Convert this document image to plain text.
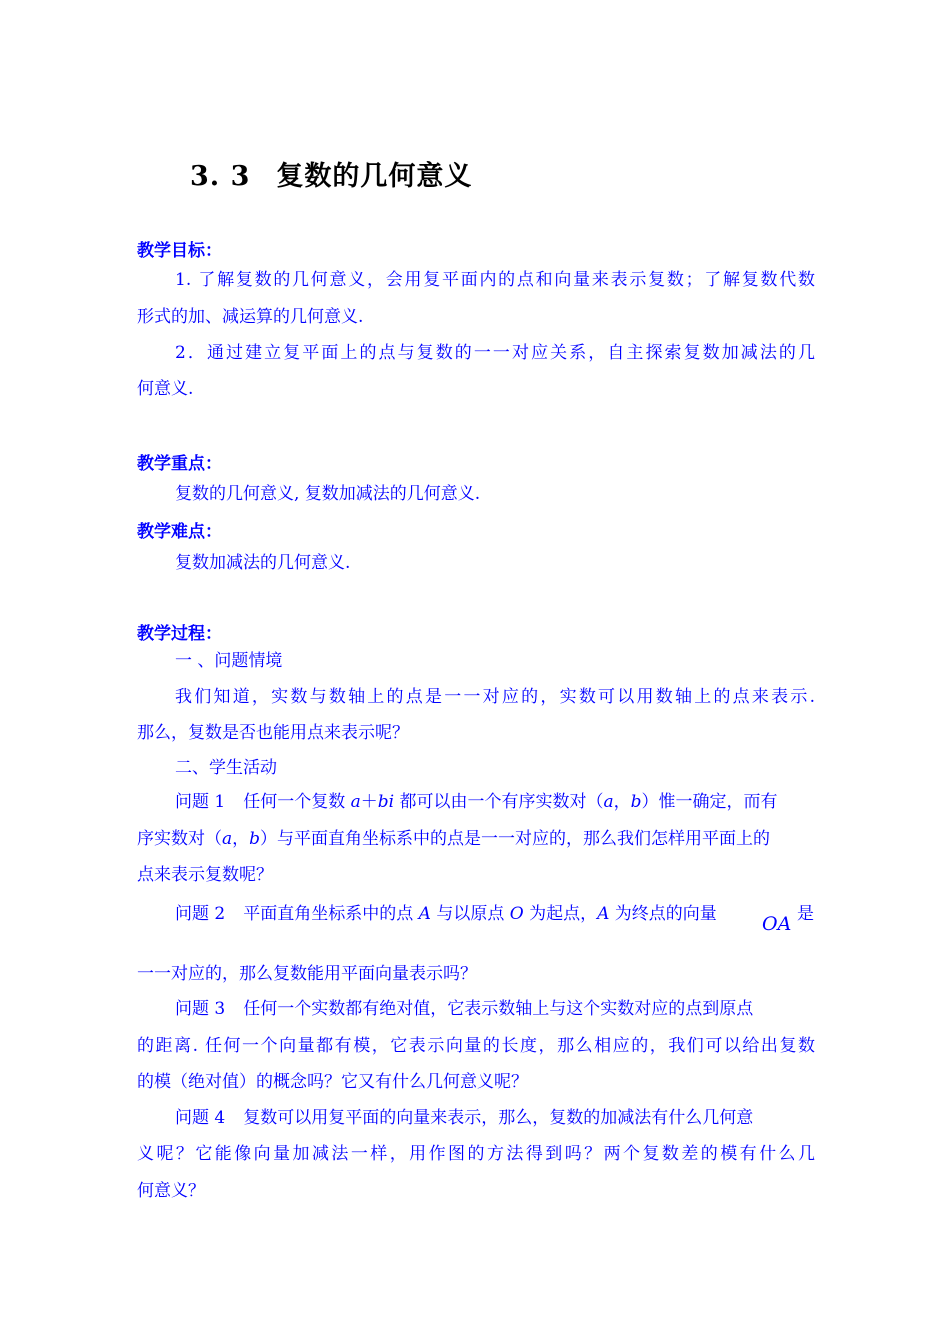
3. 3 复数的几何意义
教学目标：
1. 了解复数的几何意义，会用复平面内的点和向量来表示复数；了解复数代数
形式的加、减运算的几何意义.
2．通过建立复平面上的点与复数的一一对应关系，自主探索复数加减法的几
何意义.
教学重点：
复数的几何意义, 复数加减法的几何意义.
教学难点：
复数加减法的几何意义.
教学过程：
一 、问题情境
我们知道，实数与数轴上的点是一一对应的，实数可以用数轴上的点来表示.
那么，复数是否也能用点来表示呢？
二、学生活动
问题 1 任何一个复数 a＋bi 都可以由一个有序实数对（a，b）惟一确定，而有
序实数对（a，b）与平面直角坐标系中的点是一一对应的，那么我们怎样用平面上的
点来表示复数呢？
问题 2 平面直角坐标系中的点 A 与以原点 O 为起点，A 为终点的向量 OA 是
一一对应的，那么复数能用平面向量表示吗？
问题 3 任何一个实数都有绝对值，它表示数轴上与这个实数对应的点到原点
的距离. 任何一个向量都有模，它表示向量的长度，那么相应的，我们可以给出复数
的模（绝对值）的概念吗？它又有什么几何意义呢？
问题 4 复数可以用复平面的向量来表示，那么，复数的加减法有什么几何意
义呢？它能像向量加减法一样，用作图的方法得到吗？两个复数差的模有什么几
何意义？
